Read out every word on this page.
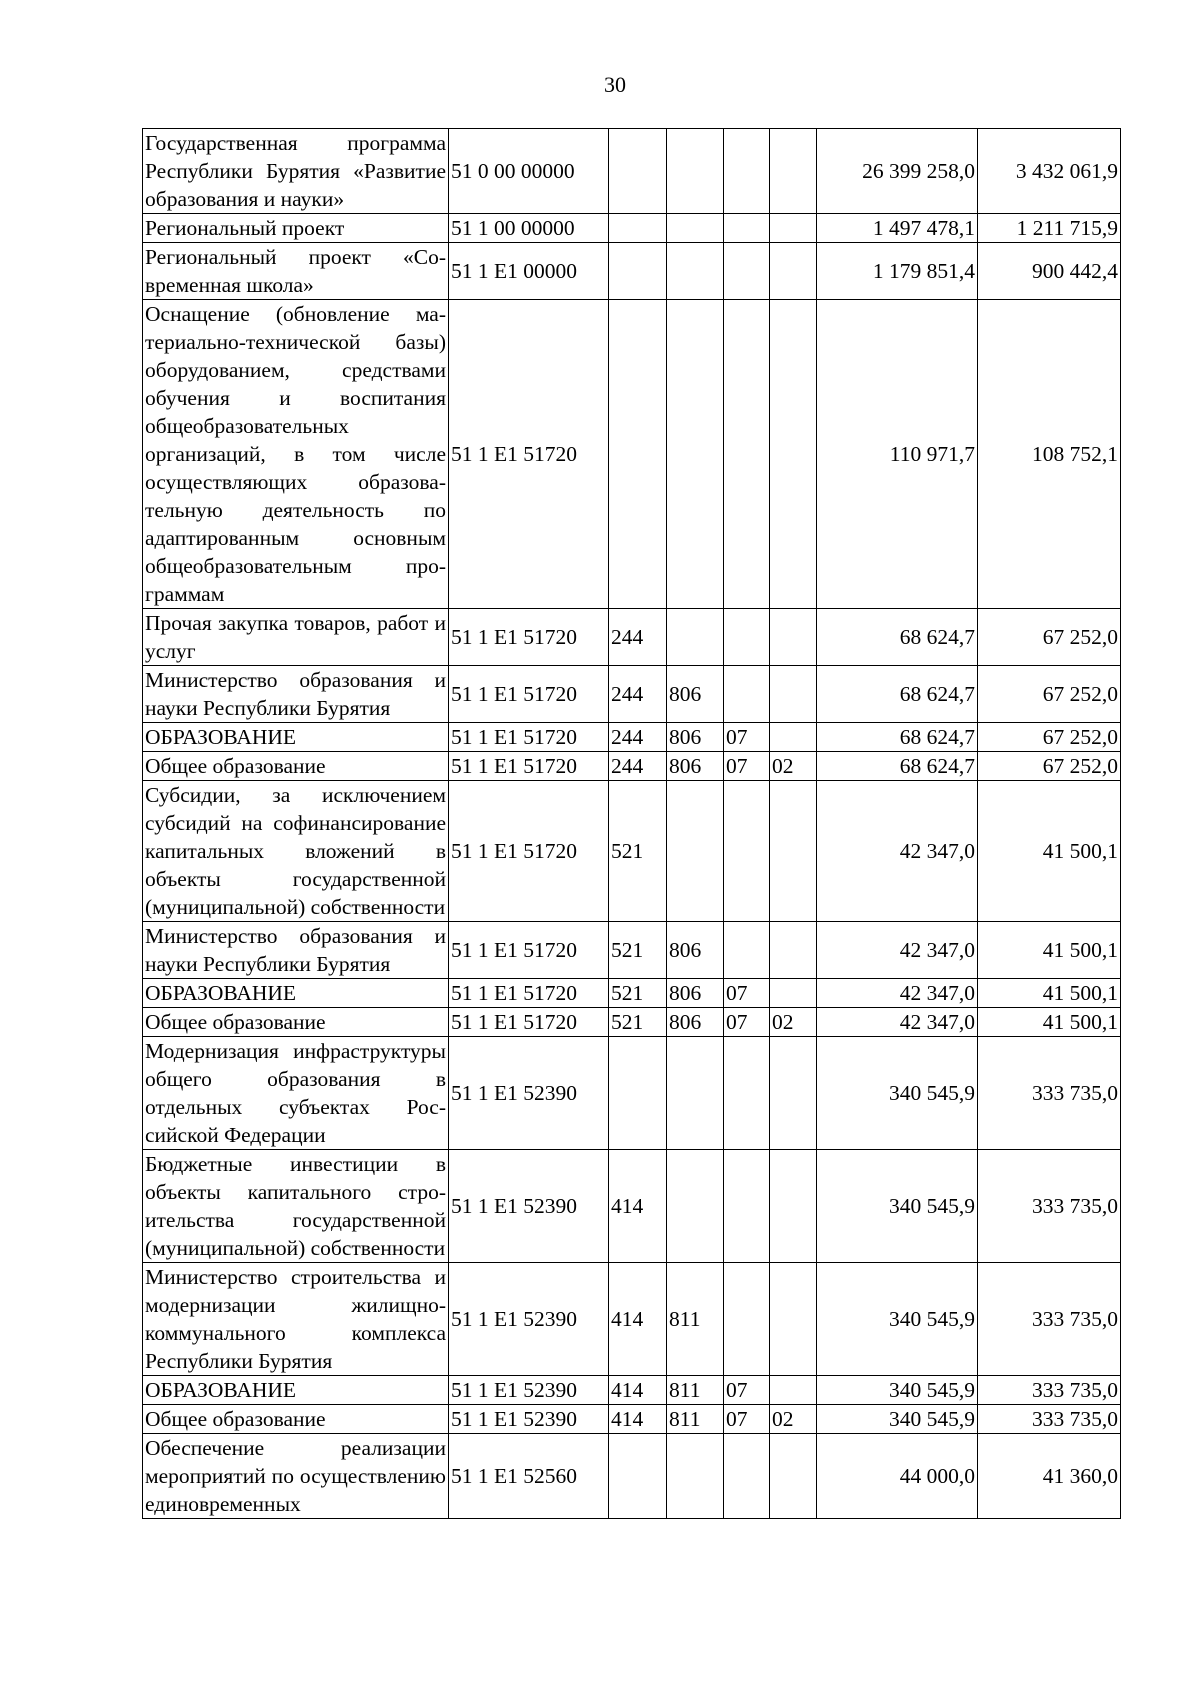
30
Государственная программа Республики Бурятия «Развитие образования и науки»	51 0 00 00000					26 399 258,0	3 432 061,9
Региональный проект	51 1 00 00000					1 497 478,1	1 211 715,9
Региональный проект «Современная школа»	51 1 E1 00000					1 179 851,4	900 442,4
Оснащение (обновление материально-технической базы) оборудованием, средствами обучения и воспитания общеобразовательных организаций, в том числе осуществляющих образовательную деятельность по адаптированным основным общеобразовательным программам	51 1 E1 51720					110 971,7	108 752,1
Прочая закупка товаров, работ и услуг	51 1 E1 51720	244				68 624,7	67 252,0
Министерство образования и науки Республики Бурятия	51 1 E1 51720	244	806			68 624,7	67 252,0
ОБРАЗОВАНИЕ	51 1 E1 51720	244	806	07		68 624,7	67 252,0
Общее образование	51 1 E1 51720	244	806	07	02	68 624,7	67 252,0
Субсидии, за исключением субсидий на софинансирование капитальных вложений в объекты государственной (муниципальной) собственности	51 1 E1 51720	521				42 347,0	41 500,1
Министерство образования и науки Республики Бурятия	51 1 E1 51720	521	806			42 347,0	41 500,1
ОБРАЗОВАНИЕ	51 1 E1 51720	521	806	07		42 347,0	41 500,1
Общее образование	51 1 E1 51720	521	806	07	02	42 347,0	41 500,1
Модернизация инфраструктуры общего образования в отдельных субъектах Российской Федерации	51 1 E1 52390					340 545,9	333 735,0
Бюджетные инвестиции в объекты капитального строительства государственной (муниципальной) собственности	51 1 E1 52390	414				340 545,9	333 735,0
Министерство строительства и модернизации жилищно-коммунального комплекса Республики Бурятия	51 1 E1 52390	414	811			340 545,9	333 735,0
ОБРАЗОВАНИЕ	51 1 E1 52390	414	811	07		340 545,9	333 735,0
Общее образование	51 1 E1 52390	414	811	07	02	340 545,9	333 735,0
Обеспечение реализации мероприятий по осуществлению единовременных	51 1 E1 52560					44 000,0	41 360,0
